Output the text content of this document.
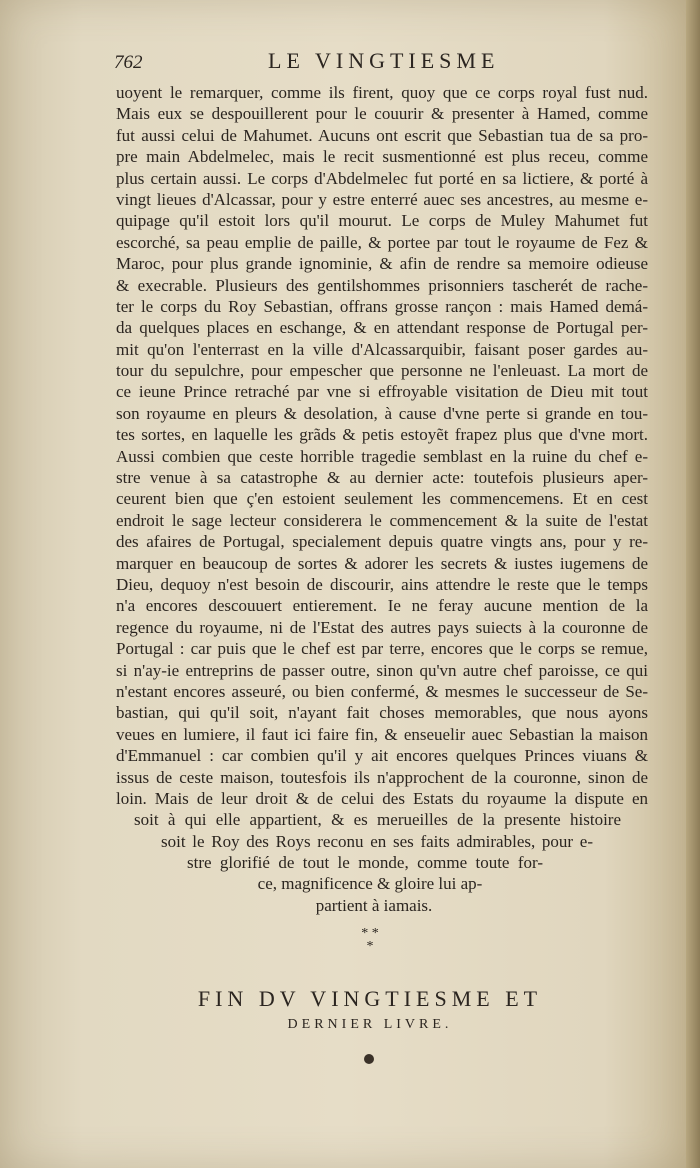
762	LE VINGTIESME
uoyent le remarquer, comme ils firent, quoy que ce corps royal fust nud.
Mais eux se despouillerent pour le couurir & presenter à Hamed, comme
fut aussi celui de Mahumet. Aucuns ont escrit que Sebastian tua de sa pro-
pre main Abdelmelec, mais le recit susmentionné est plus receu, comme
plus certain aussi. Le corps d'Abdelmelec fut porté en sa lictiere, & porté à
vingt lieues d'Alcassar, pour y estre enterré auec ses ancestres, au mesme e-
quipage qu'il estoit lors qu'il mourut. Le corps de Muley Mahumet fut
escorché, sa peau emplie de paille, & portee par tout le royaume de Fez &
Maroc, pour plus grande ignominie, & afin de rendre sa memoire odieuse
& execrable. Plusieurs des gentilshommes prisonniers tascherét de rache-
ter le corps du Roy Sebastian, offrans grosse rançon : mais Hamed demá-
da quelques places en eschange, & en attendant response de Portugal per-
mit qu'on l'enterrast en la ville d'Alcassarquibir, faisant poser gardes au-
tour du sepulchre, pour empescher que personne ne l'enleuast. La mort de
ce ieune Prince retraché par vne si effroyable visitation de Dieu mit tout
son royaume en pleurs & desolation, à cause d'vne perte si grande en tou-
tes sortes, en laquelle les grãds & petis estoyẽt frapez plus que d'vne mort.
Aussi combien que ceste horrible tragedie semblast en la ruine du chef e-
stre venue à sa catastrophe & au dernier acte: toutefois plusieurs aper-
ceurent bien que ç'en estoient seulement les commencemens. Et en cest
endroit le sage lecteur considerera le commencement & la suite de l'estat
des afaires de Portugal, specialement depuis quatre vingts ans, pour y re-
marquer en beaucoup de sortes & adorer les secrets & iustes iugemens de
Dieu, dequoy n'est besoin de discourir, ains attendre le reste que le temps
n'a encores descouuert entierement. Ie ne feray aucune mention de la
regence du royaume, ni de l'Estat des autres pays suiects à la couronne de
Portugal : car puis que le chef est par terre, encores que le corps se remue,
si n'ay-ie entreprins de passer outre, sinon qu'vn autre chef paroisse, ce qui
n'estant encores asseuré, ou bien confermé, & mesmes le successeur de Se-
bastian, qui qu'il soit, n'ayant fait choses memorables, que nous ayons
veues en lumiere, il faut ici faire fin, & enseuelir auec Sebastian la maison
d'Emmanuel : car combien qu'il y ait encores quelques Princes viuans &
issus de ceste maison, toutesfois ils n'approchent de la couronne, sinon de
loin. Mais de leur droit & de celui des Estats du royaume la dispute en
soit à qui elle appartient, & es merueilles de la presente histoire
soit le Roy des Roys reconu en ses faits admirables, pour e-
stre glorifié de tout le monde, comme toute for-
ce, magnificence & gloire lui ap-
partient à iamais.
* *
*
FIN DV VINGTIESME ET
DERNIER LIVRE.
